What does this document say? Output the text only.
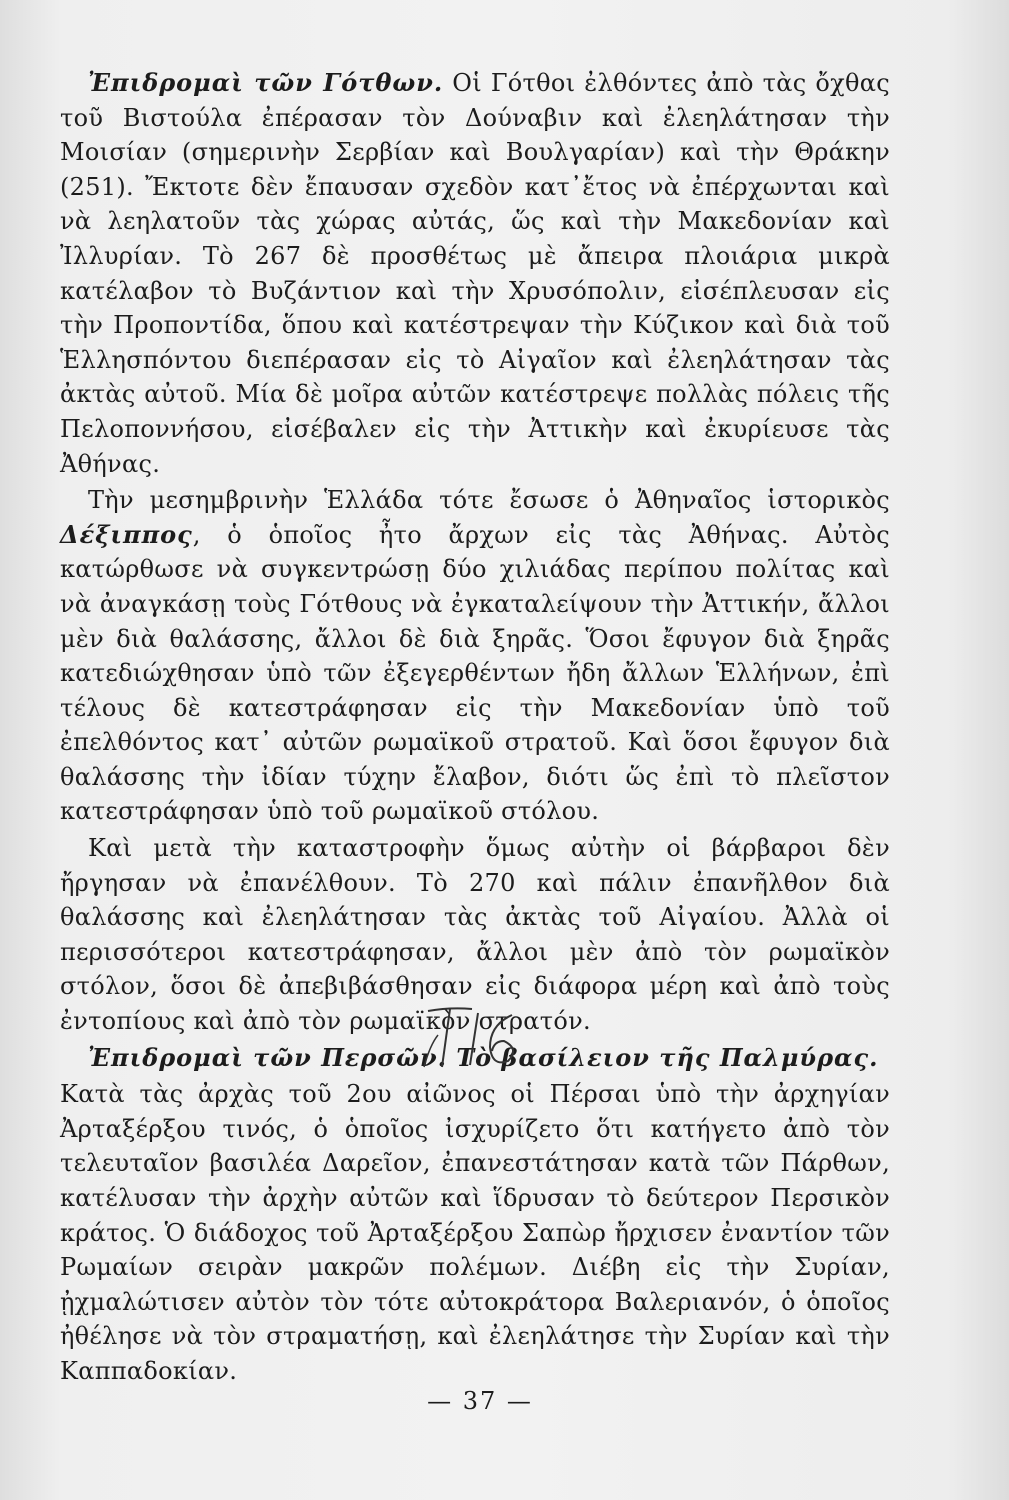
Ἐπιδρομαὶ τῶν Γότθων. Οἱ Γότθοι ἐλθόντες ἀπὸ τὰς ὄχθας τοῦ Βιστούλα ἐπέρασαν τὸν Δούναβιν καὶ ἐλεηλάτησαν τὴν Μοισίαν (σημερινὴν Σερβίαν καὶ Βουλγαρίαν) καὶ τὴν Θράκην (251). Ἔκτοτε δὲν ἔπαυσαν σχεδὸν κατ᾽ἔτος νὰ ἐπέρχωνται καὶ νὰ λεηλατοῦν τὰς χώρας αὐτάς, ὥς καὶ τὴν Μακεδονίαν καὶ Ἰλλυρίαν. Τὸ 267 δὲ προσθέτως μὲ ἄπειρα πλοιάρια μικρὰ κατέλαβον τὸ Βυζάντιον καὶ τὴν Χρυσόπολιν, εἰσέπλευσαν εἰς τὴν Προποντίδα, ὅπου καὶ κατέστρεψαν τὴν Κύζικον καὶ διὰ τοῦ Ἑλλησπόντου διεπέρασαν εἰς τὸ Αἰγαῖον καὶ ἐλεηλάτησαν τὰς ἀκτὰς αὐτοῦ. Μία δὲ μοῖρα αὐτῶν κατέστρεψε πολλὰς πόλεις τῆς Πελοποννήσου, εἰσέβαλεν εἰς τὴν Ἀττικὴν καὶ ἐκυρίευσε τὰς Ἀθήνας.

Τὴν μεσημβρινὴν Ἑλλάδα τότε ἔσωσε ὁ Ἀθηναῖος ἱστορικὸς Δέξιππος, ὁ ὁποῖος ἦτο ἄρχων εἰς τὰς Ἀθήνας. Αὐτὸς κατώρθωσε νὰ συγκεντρώσῃ δύο χιλιάδας περίπου πολίτας καὶ νὰ ἀναγκάσῃ τοὺς Γότθους νὰ ἐγκαταλείψουν τὴν Ἀττικήν, ἄλλοι μὲν διὰ θαλάσσης, ἄλλοι δὲ διὰ ξηρᾶς. Ὅσοι ἔφυγον διὰ ξηρᾶς κατεδιώχθησαν ὑπὸ τῶν ἐξεγερθέντων ἤδη ἄλλων Ἑλλήνων, ἐπὶ τέλους δὲ κατεστράφησαν εἰς τὴν Μακεδονίαν ὑπὸ τοῦ ἐπελθόντος κατ᾽ αὐτῶν ρωμαϊκοῦ στρατοῦ. Καὶ ὅσοι ἔφυγον διὰ θαλάσσης τὴν ἰδίαν τύχην ἔλαβον, διότι ὥς ἐπὶ τὸ πλεῖστον κατεστράφησαν ὑπὸ τοῦ ρωμαϊκοῦ στόλου.

Καὶ μετὰ τὴν καταστροφὴν ὅμως αὐτὴν οἱ βάρβαροι δὲν ἤργησαν νὰ ἐπανέλθουν. Τὸ 270 καὶ πάλιν ἐπανῆλθον διὰ θαλάσσης καὶ ἐλεηλάτησαν τὰς ἀκτὰς τοῦ Αἰγαίου. Ἀλλὰ οἱ περισσότεροι κατεστράφησαν, ἄλλοι μὲν ἀπὸ τὸν ρωμαϊκὸν στόλον, ὅσοι δὲ ἀπεβιβάσθησαν εἰς διάφορα μέρη καὶ ἀπὸ τοὺς ἐντοπίους καὶ ἀπὸ τὸν ρωμαϊκὸν στρατόν.

Ἐπιδρομαὶ τῶν Περσῶν. Τὸ βασίλειον τῆς Παλμύρας.

Κατὰ τὰς ἀρχὰς τοῦ 2ου αἰῶνος οἱ Πέρσαι ὑπὸ τὴν ἀρχηγίαν Ἀρταξέρξου τινός, ὁ ὁποῖος ἰσχυρίζετο ὅτι κατήγετο ἀπὸ τὸν τελευταῖον βασιλέα Δαρεῖον, ἐπανεστάτησαν κατὰ τῶν Πάρθων, κατέλυσαν τὴν ἀρχὴν αὐτῶν καὶ ἵδρυσαν τὸ δεύτερον Περσικὸν κράτος. Ὁ διάδοχος τοῦ Ἀρταξέρξου Σαπὼρ ἤρχισεν ἐναντίον τῶν Ρωμαίων σειρὰν μακρῶν πολέμων. Διέβη εἰς τὴν Συρίαν, ᾐχμαλώτισεν αὐτὸν τὸν τότε αὐτοκράτορα Βαλεριανόν, ὁ ὁποῖος ἠθέλησε νὰ τὸν στραματήσῃ, καὶ ἐλεηλάτησε τὴν Συρίαν καὶ τὴν Καππαδοκίαν.

— 37 —
